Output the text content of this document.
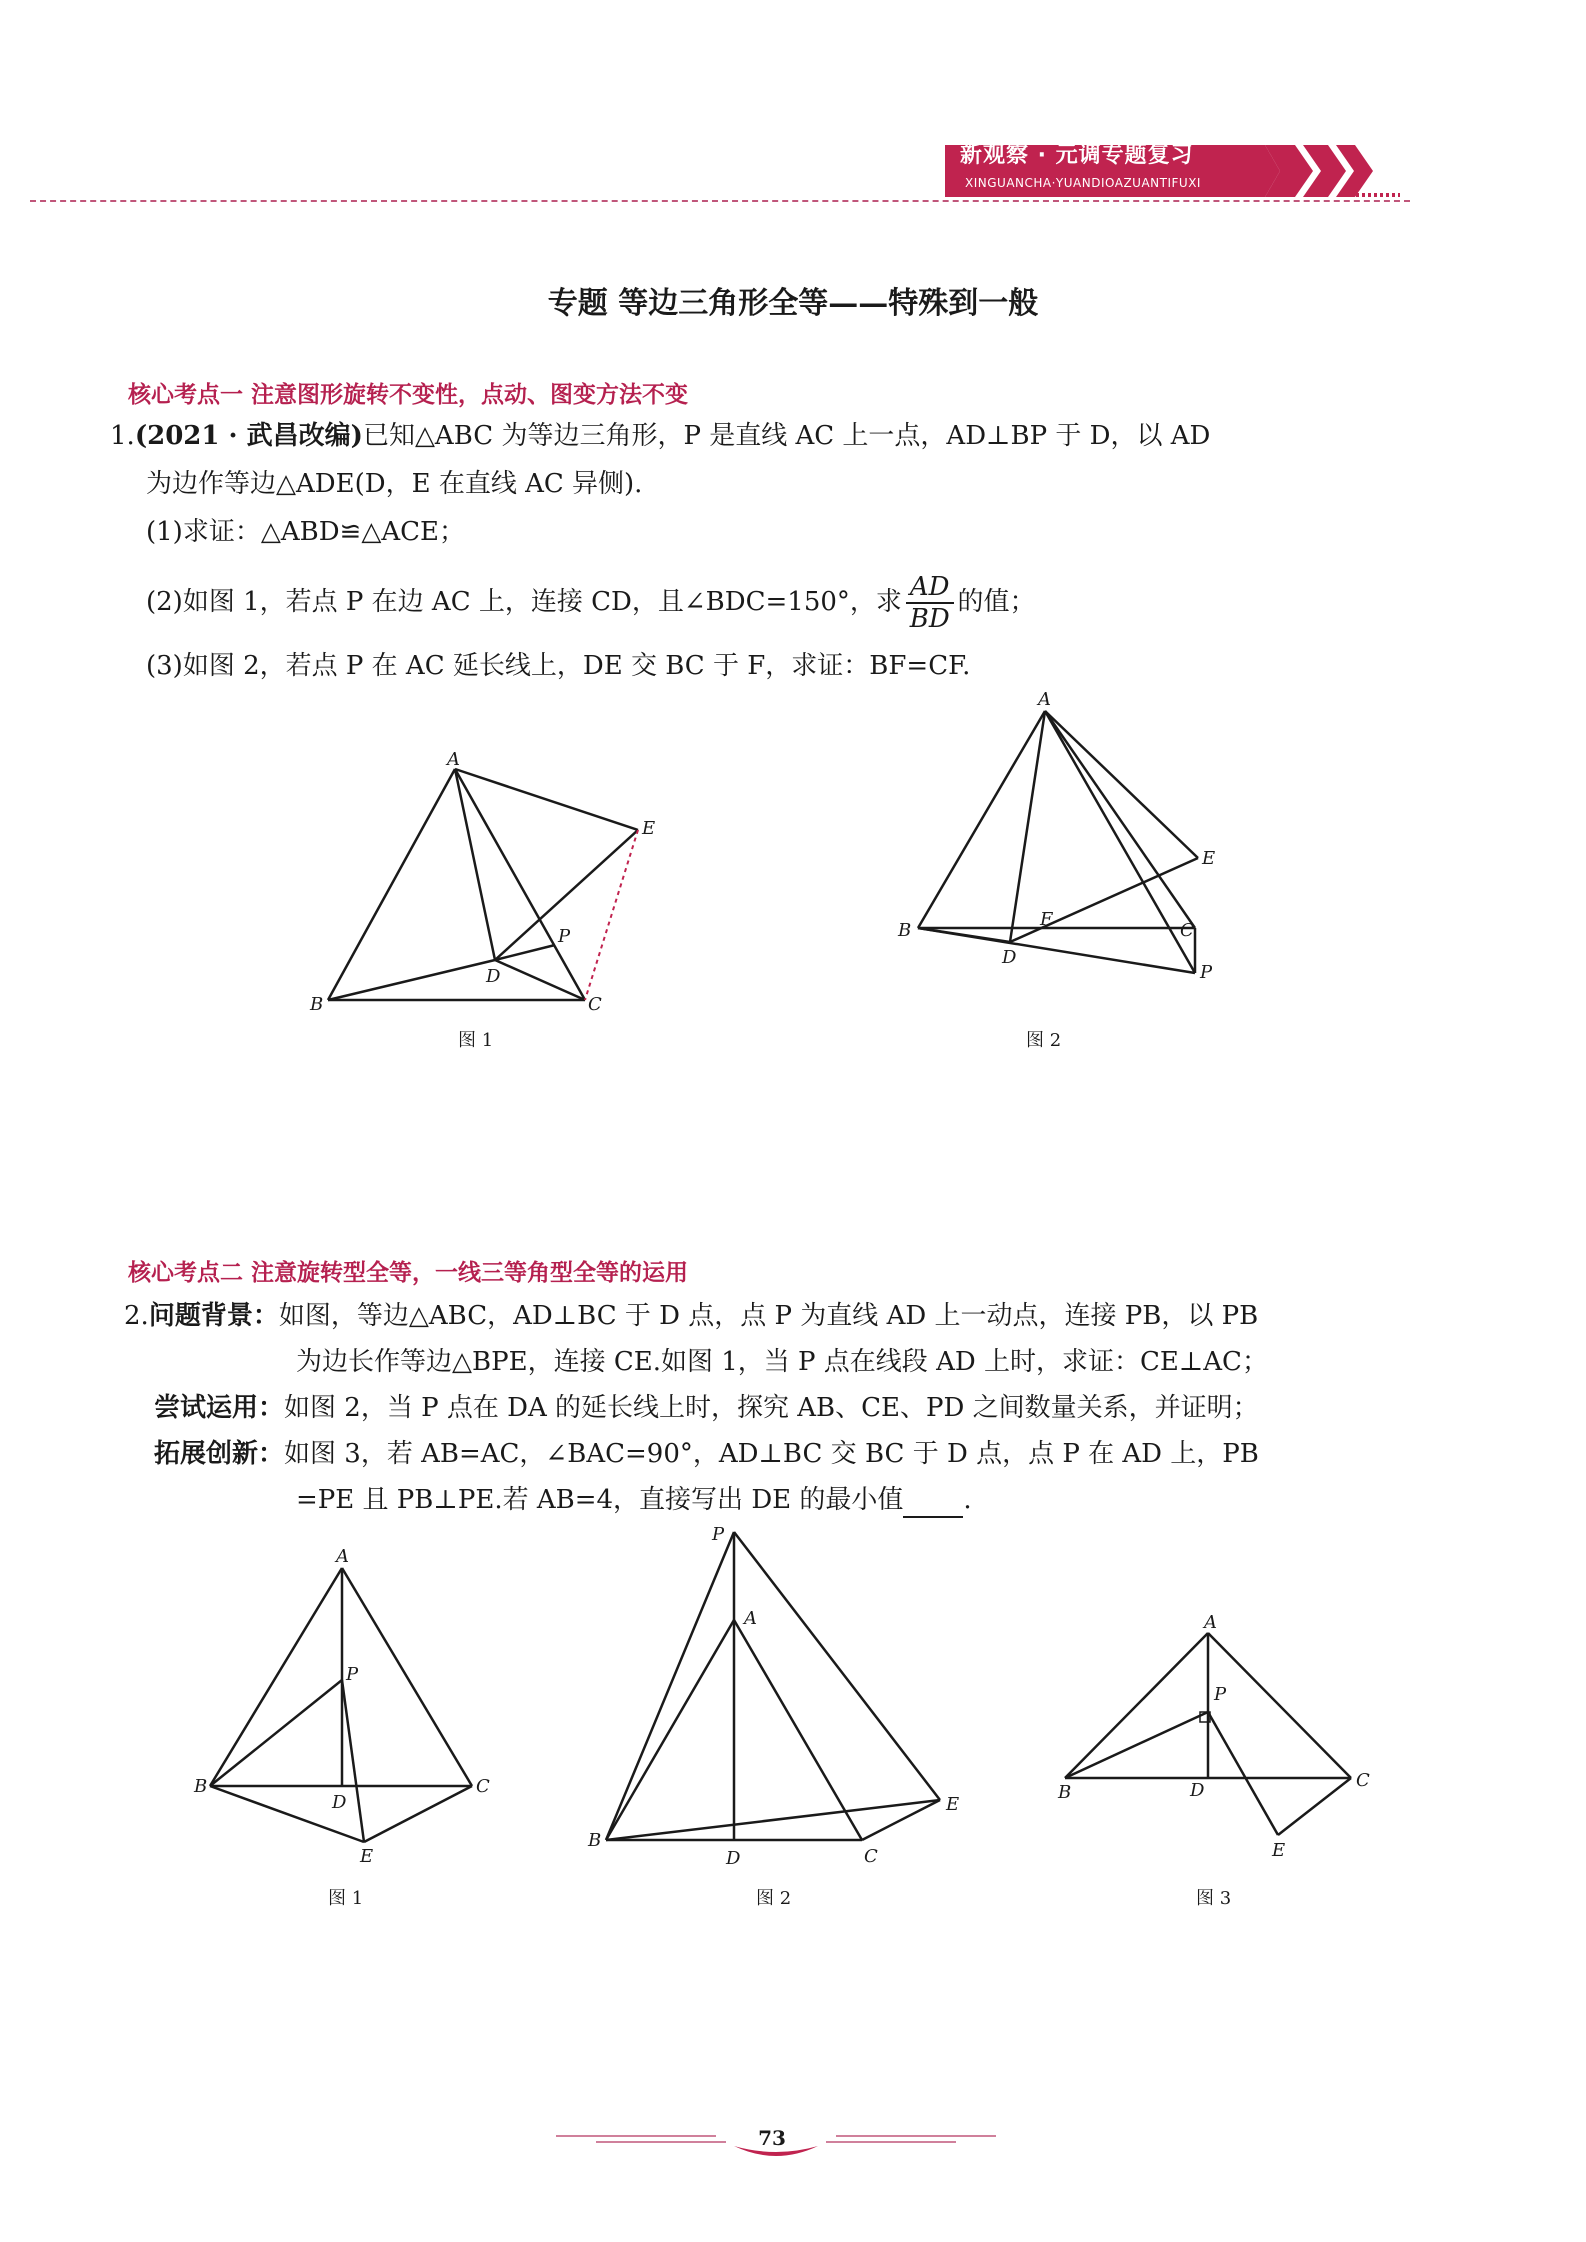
新观察 · 元调专题复习
XINGUANCHA·YUANDIOAZUANTIFUXI
专题 等边三角形全等——特殊到一般
核心考点一 注意图形旋转不变性，点动、图变方法不变
1.(2021 · 武昌改编)已知△ABC 为等边三角形，P 是直线 AC 上一点，AD⊥BP 于 D，以 AD
为边作等边△ADE(D，E 在直线 AC 异侧).
(1)求证：△ABD≌△ACE；
(2)如图 1，若点 P 在边 AC 上，连接 CD，且∠BDC=150°，求 $\frac{AD}{BD}$ 的值；
(3)如图 2，若点 P 在 AC 延长线上，DE 交 BC 于 F，求证：BF=CF.
A
E
P
D
B	C
图 1
A
E
F
C
B
D
P
图 2
核心考点二 注意旋转型全等，一线三等角型全等的运用
2.问题背景：如图，等边△ABC，AD⊥BC 于 D 点，点 P 为直线 AD 上一动点，连接 PB，以 PB
为边长作等边△BPE，连接 CE.如图 1，当 P 点在线段 AD 上时，求证：CE⊥AC；
尝试运用：如图 2，当 P 点在 DA 的延长线上时，探究 AB、CE、PD 之间数量关系，并证明；
拓展创新：如图 3，若 AB=AC，∠BAC=90°，AD⊥BC 交 BC 于 D 点，点 P 在 AD 上，PB
=PE 且 PB⊥PE.若 AB=4，直接写出 DE 的最小值 .
A
P
B
D
C
E
图 1
P
A
E
B
D	C
图 2
A
P
B	D	C
E
图 3
73
